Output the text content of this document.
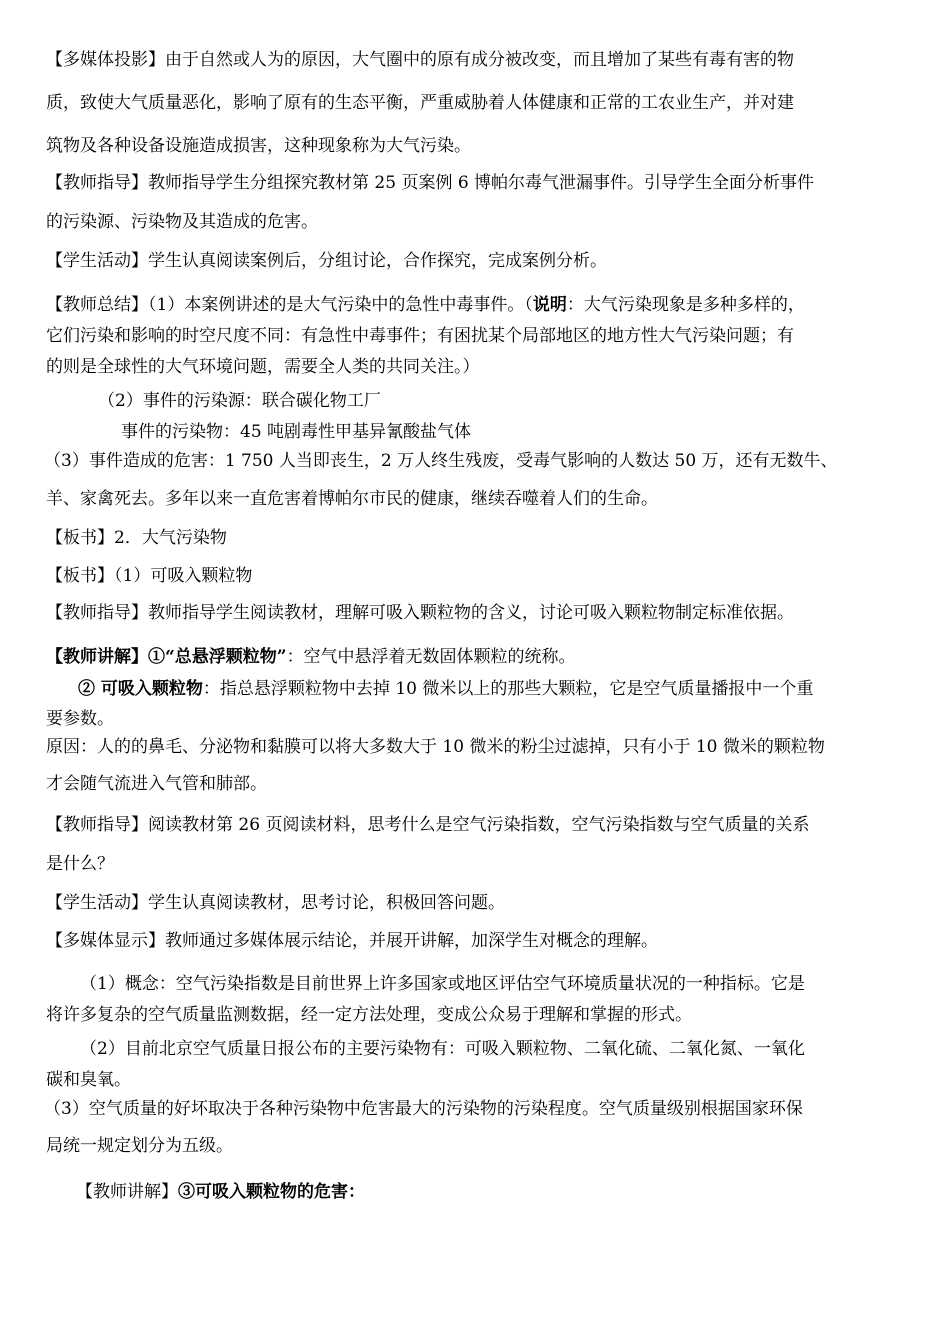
【多媒体投影】由于自然或人为的原因，大气圈中的原有成分被改变，而且增加了某些有毒有害的物
质，致使大气质量恶化，影响了原有的生态平衡，严重威胁着人体健康和正常的工农业生产，并对建
筑物及各种设备设施造成损害，这种现象称为大气污染。
【教师指导】教师指导学生分组探究教材第 25 页案例 6 博帕尔毒气泄漏事件。引导学生全面分析事件
的污染源、污染物及其造成的危害。
【学生活动】学生认真阅读案例后，分组讨论，合作探究，完成案例分析。
【教师总结】（1）本案例讲述的是大气污染中的急性中毒事件。（说明：大气污染现象是多种多样的，
它们污染和影响的时空尺度不同：有急性中毒事件；有困扰某个局部地区的地方性大气污染问题；有
的则是全球性的大气环境问题，需要全人类的共同关注。）
（2）事件的污染源：联合碳化物工厂
事件的污染物：45 吨剧毒性甲基异氰酸盐气体
（3）事件造成的危害：1 750 人当即丧生，2 万人终生残废，受毒气影响的人数达 50 万，还有无数牛、
羊、家禽死去。多年以来一直危害着博帕尔市民的健康，继续吞噬着人们的生命。
【板书】2．大气污染物
【板书】（1）可吸入颗粒物
【教师指导】教师指导学生阅读教材，理解可吸入颗粒物的含义，讨论可吸入颗粒物制定标准依据。
【教师讲解】①“总悬浮颗粒物”：空气中悬浮着无数固体颗粒的统称。
② 可吸入颗粒物：指总悬浮颗粒物中去掉 10 微米以上的那些大颗粒，它是空气质量播报中一个重
要参数。
原因：人的的鼻毛、分泌物和黏膜可以将大多数大于 10 微米的粉尘过滤掉，只有小于 10 微米的颗粒物
才会随气流进入气管和肺部。
【教师指导】阅读教材第 26 页阅读材料，思考什么是空气污染指数，空气污染指数与空气质量的关系
是什么？
【学生活动】学生认真阅读教材，思考讨论，积极回答问题。
【多媒体显示】教师通过多媒体展示结论，并展开讲解，加深学生对概念的理解。
（1）概念：空气污染指数是目前世界上许多国家或地区评估空气环境质量状况的一种指标。它是
将许多复杂的空气质量监测数据，经一定方法处理，变成公众易于理解和掌握的形式。
（2）目前北京空气质量日报公布的主要污染物有：可吸入颗粒物、二氧化硫、二氧化氮、一氧化
碳和臭氧。
（3）空气质量的好坏取决于各种污染物中危害最大的污染物的污染程度。空气质量级别根据国家环保
局统一规定划分为五级。
【教师讲解】③可吸入颗粒物的危害：
